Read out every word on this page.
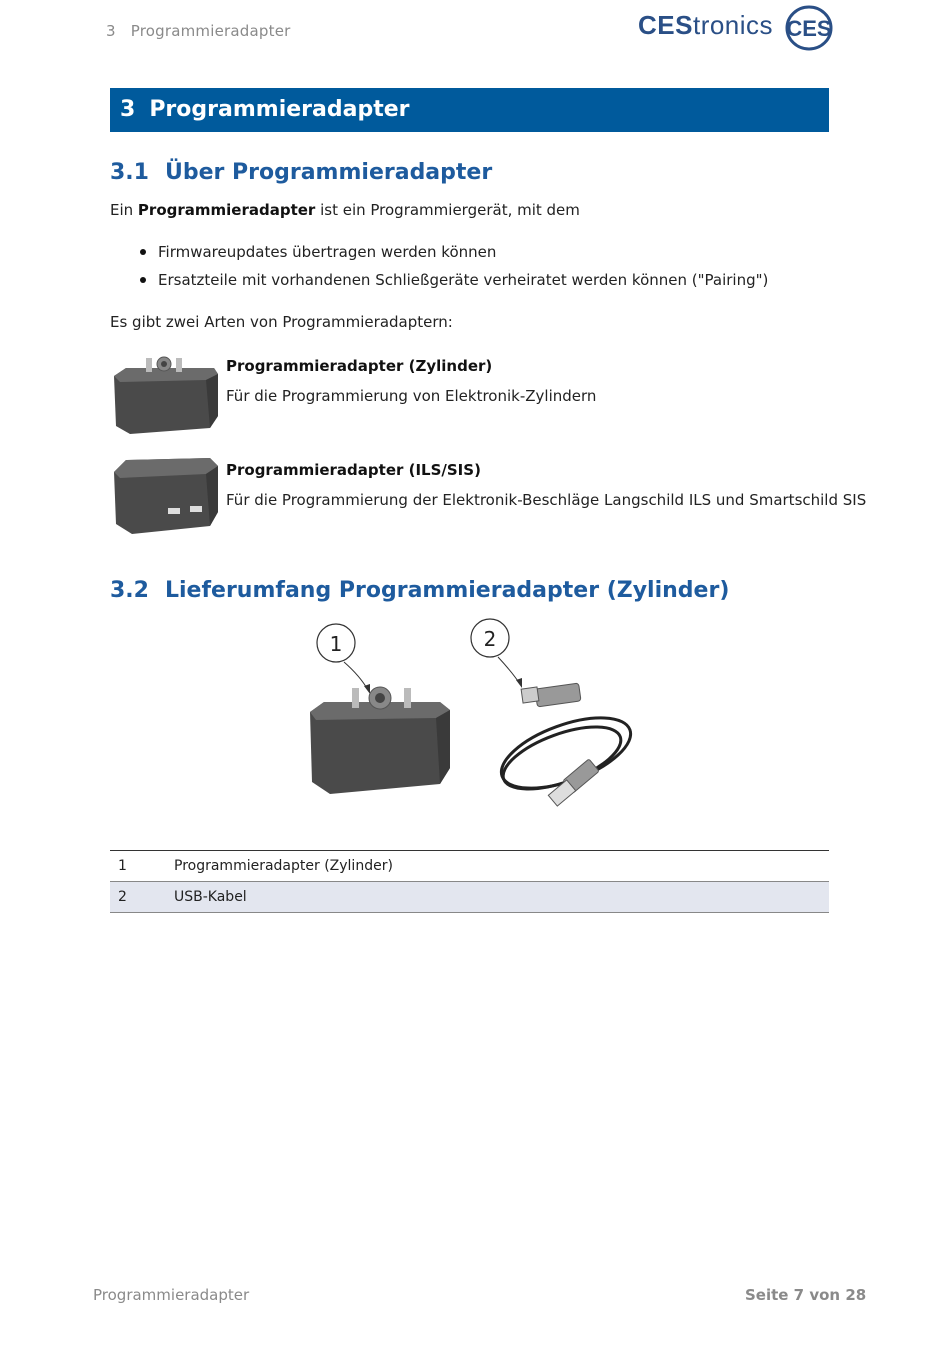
3 Programmieradapter	CEStronics CES
3 Programmieradapter
3.1 Über Programmieradapter
Ein Programmieradapter ist ein Programmiergerät, mit dem
Firmwareupdates übertragen werden können
Ersatzteile mit vorhandenen Schließgeräte verheiratet werden können ("Pairing")
Es gibt zwei Arten von Programmieradaptern:
Programmieradapter (Zylinder)
Für die Programmierung von Elektronik-Zylindern
Programmieradapter (ILS/SIS)
Für die Programmierung der Elektronik-Beschläge Langschild ILS und Smartschild SIS
3.2 Lieferumfang Programmieradapter (Zylinder)
1	2
1	Programmieradapter (Zylinder)
2	USB-Kabel
Programmieradapter	Seite 7 von 28
